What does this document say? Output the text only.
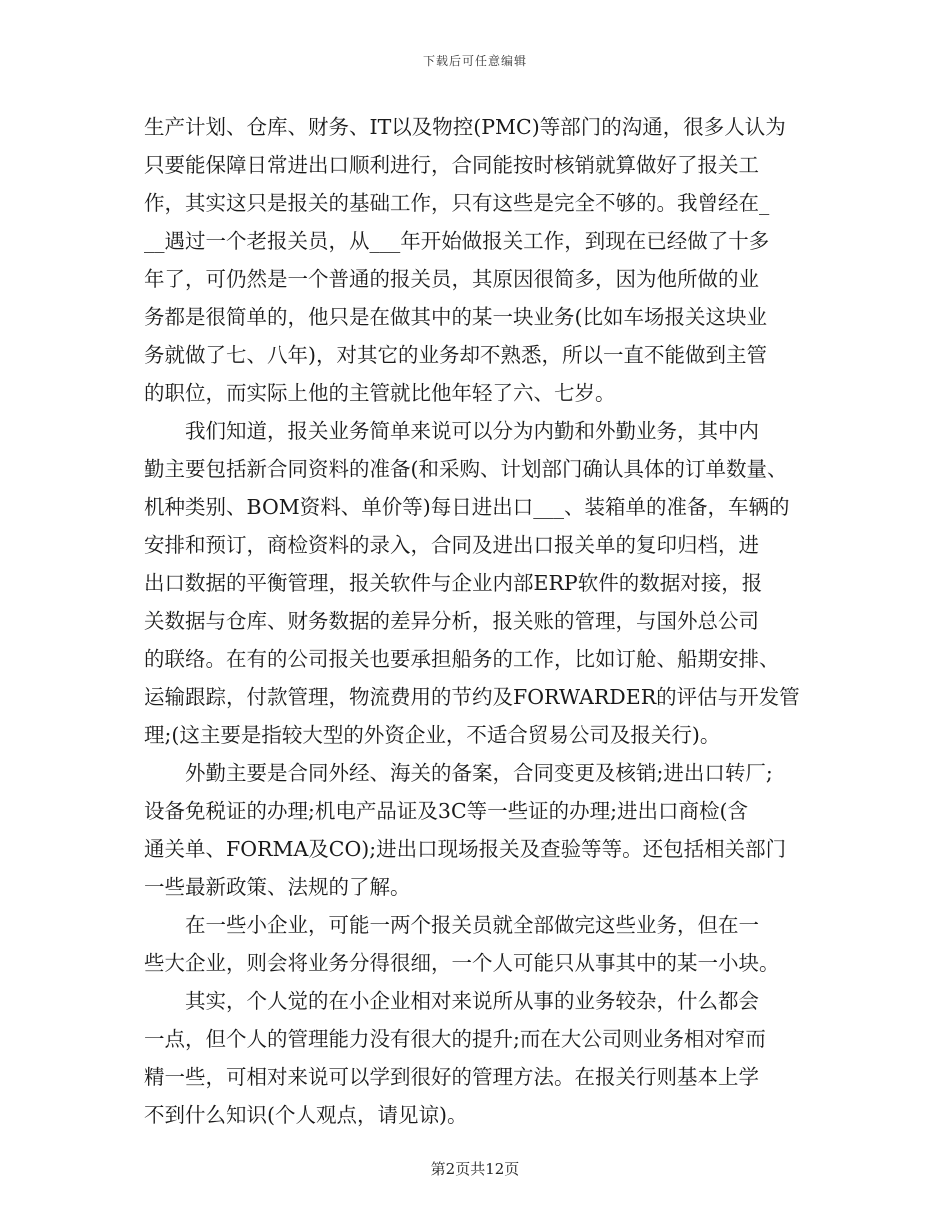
下载后可任意编辑
生产计划、仓库、财务、IT以及物控(PMC)等部门的沟通，很多人认为
只要能保障日常进出口顺利进行，合同能按时核销就算做好了报关工
作，其实这只是报关的基础工作，只有这些是完全不够的。我曾经在_
__遇过一个老报关员，从___年开始做报关工作，到现在已经做了十多
年了，可仍然是一个普通的报关员，其原因很简多，因为他所做的业
务都是很简单的，他只是在做其中的某一块业务(比如车场报关这块业
务就做了七、八年)，对其它的业务却不熟悉，所以一直不能做到主管
的职位，而实际上他的主管就比他年轻了六、七岁。
　　我们知道，报关业务简单来说可以分为内勤和外勤业务，其中内
勤主要包括新合同资料的准备(和采购、计划部门确认具体的订单数量、
机种类别、BOM资料、单价等)每日进出口___、装箱单的准备，车辆的
安排和预订，商检资料的录入，合同及进出口报关单的复印归档，进
出口数据的平衡管理，报关软件与企业内部ERP软件的数据对接，报
关数据与仓库、财务数据的差异分析，报关账的管理，与国外总公司
的联络。在有的公司报关也要承担船务的工作，比如订舱、船期安排、
运输跟踪，付款管理，物流费用的节约及FORWARDER的评估与开发管
理;(这主要是指较大型的外资企业，不适合贸易公司及报关行)。
　　外勤主要是合同外经、海关的备案，合同变更及核销;进出口转厂;
设备免税证的办理;机电产品证及3C等一些证的办理;进出口商检(含
通关单、FORMA及CO);进出口现场报关及查验等等。还包括相关部门
一些最新政策、法规的了解。
　　在一些小企业，可能一两个报关员就全部做完这些业务，但在一
些大企业，则会将业务分得很细，一个人可能只从事其中的某一小块。
　　其实，个人觉的在小企业相对来说所从事的业务较杂，什么都会
一点，但个人的管理能力没有很大的提升;而在大公司则业务相对窄而
精一些，可相对来说可以学到很好的管理方法。在报关行则基本上学
不到什么知识(个人观点，请见谅)。
第2页共12页
